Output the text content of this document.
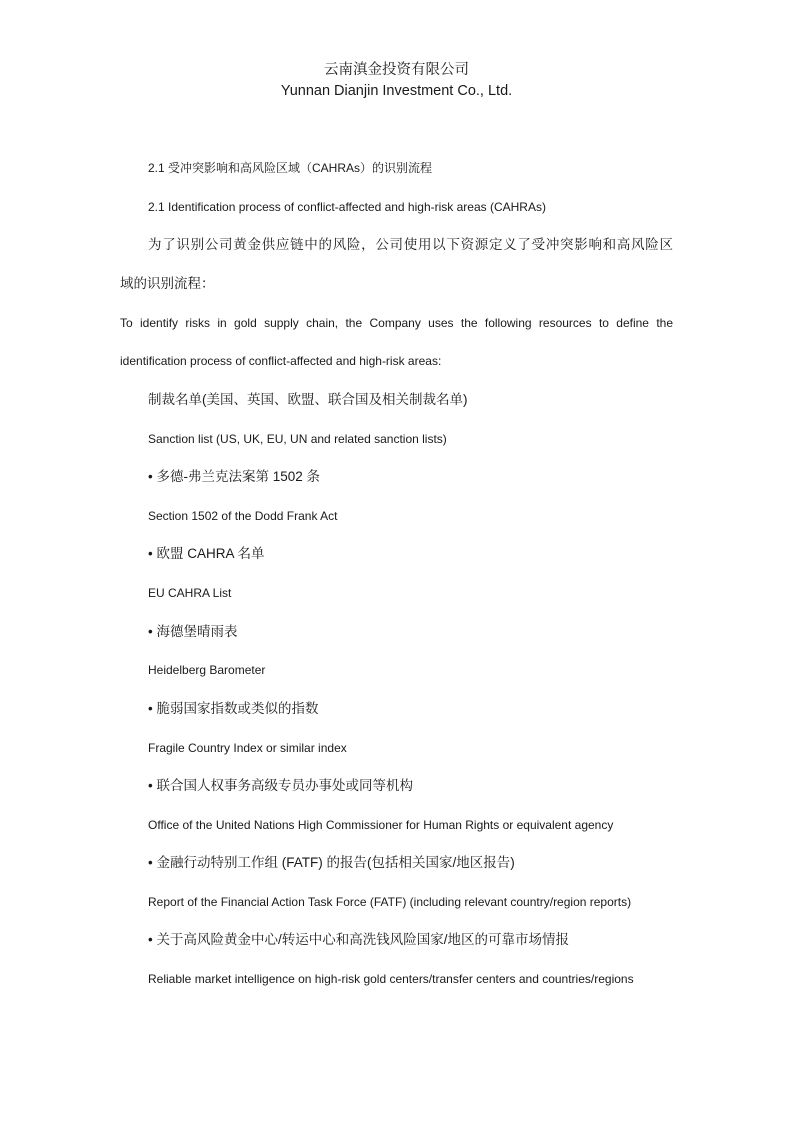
云南滇金投资有限公司
Yunnan Dianjin Investment Co., Ltd.
2.1 受冲突影响和高风险区域（CAHRAs）的识别流程
2.1 Identification process of conflict-affected and high-risk areas (CAHRAs)
为了识别公司黄金供应链中的风险，公司使用以下资源定义了受冲突影响和高风险区
域的识别流程：
To identify risks in gold supply chain, the Company uses the following resources to define the
identification process of conflict-affected and high-risk areas:
制裁名单(美国、英国、欧盟、联合国及相关制裁名单)
Sanction list (US, UK, EU, UN and related sanction lists)
• 多德-弗兰克法案第 1502 条
Section 1502 of the Dodd Frank Act
• 欧盟 CAHRA 名单
EU CAHRA List
• 海德堡晴雨表
Heidelberg Barometer
• 脆弱国家指数或类似的指数
Fragile Country Index or similar index
• 联合国人权事务高级专员办事处或同等机构
Office of the United Nations High Commissioner for Human Rights or equivalent agency
• 金融行动特别工作组 (FATF) 的报告(包括相关国家/地区报告)
Report of the Financial Action Task Force (FATF) (including relevant country/region reports)
• 关于高风险黄金中心/转运中心和高洗钱风险国家/地区的可靠市场情报
Reliable market intelligence on high-risk gold centers/transfer centers and countries/regions
